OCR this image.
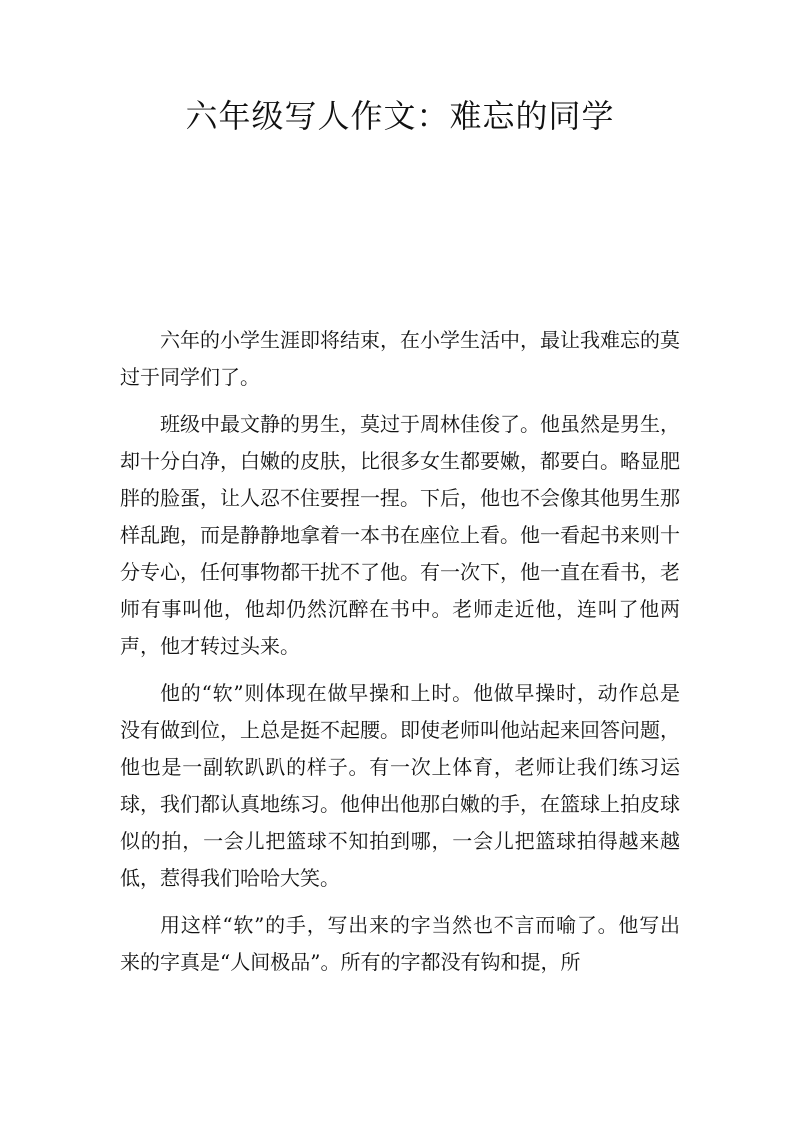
六年级写人作文：难忘的同学

六年的小学生涯即将结束，在小学生活中，最让我难忘的莫过于同学们了。

班级中最文静的男生，莫过于周林佳俊了。他虽然是男生，却十分白净，白嫩的皮肤，比很多女生都要嫩，都要白。略显肥胖的脸蛋，让人忍不住要捏一捏。下后，他也不会像其他男生那样乱跑，而是静静地拿着一本书在座位上看。他一看起书来则十分专心，任何事物都干扰不了他。有一次下，他一直在看书，老师有事叫他，他却仍然沉醉在书中。老师走近他，连叫了他两声，他才转过头来。

他的“软”则体现在做早操和上时。他做早操时，动作总是没有做到位，上总是挺不起腰。即使老师叫他站起来回答问题，他也是一副软趴趴的样子。有一次上体育，老师让我们练习运球，我们都认真地练习。他伸出他那白嫩的手，在篮球上拍皮球似的拍，一会儿把篮球不知拍到哪，一会儿把篮球拍得越来越低，惹得我们哈哈大笑。

用这样“软”的手，写出来的字当然也不言而喻了。他写出来的字真是“人间极品”。所有的字都没有钩和提，所
